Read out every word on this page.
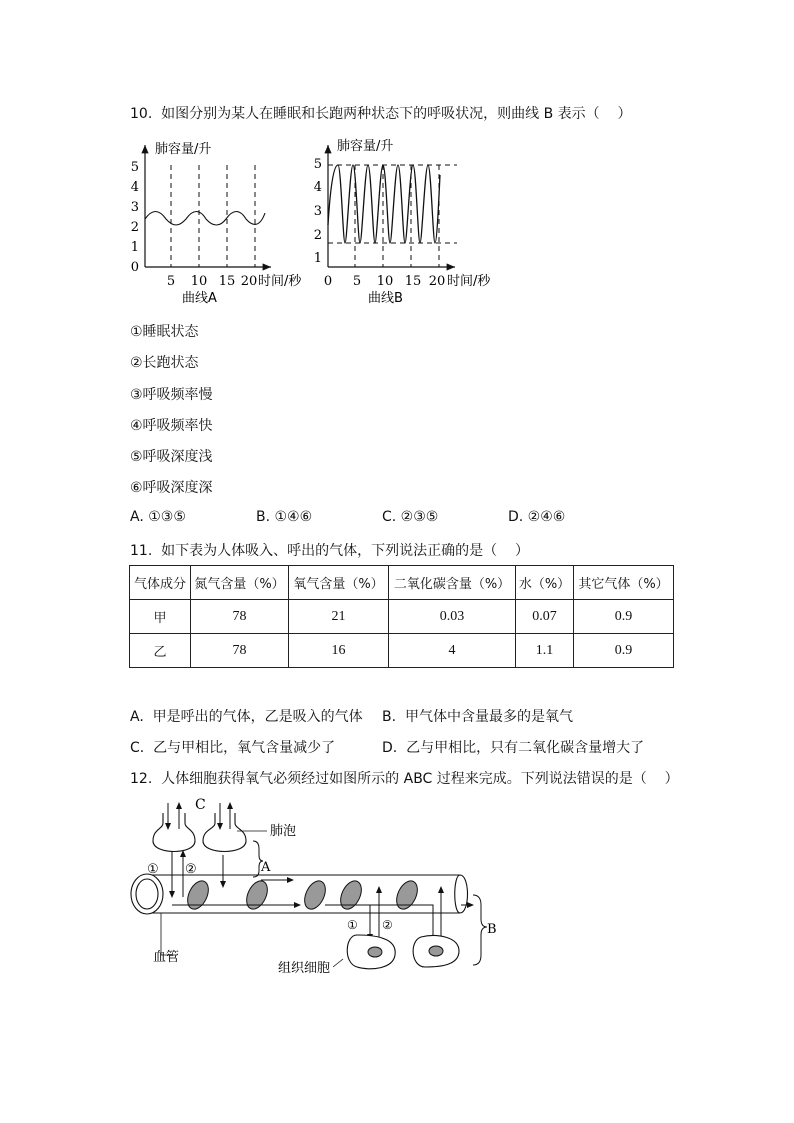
10.  如图分别为某人在睡眠和长跑两种状态下的呼吸状况，则曲线 B 表示（    ）
肺容量/升
0
1
2
3
4
5
5 10 15 20 时间/秒
曲线A
肺容量/升
1
2
3
4
5
0 5 10 15 20 时间/秒
曲线B
①睡眠状态
②长跑状态
③呼吸频率慢
④呼吸频率快
⑤呼吸深度浅
⑥呼吸深度深
A. ①③⑤	B. ①④⑥	C. ②③⑤	D. ②④⑥
11.  如下表为人体吸入、呼出的气体，下列说法正确的是（    ）
气体成分	氮气含量（%）	氧气含量（%）	二氧化碳含量（%）	水（%）	其它气体（%）
甲	78	21	0.03	0.07	0.9
乙	78	16	4	1.1	0.9
A.  甲是呼出的气体，乙是吸入的气体 B.  甲气体中含量最多的是氧气
C.  乙与甲相比，氧气含量减少了	D.  乙与甲相比，只有二氧化碳含量增大了
12.  人体细胞获得氧气必须经过如图所示的 ABC 过程来完成。下列说法错误的是（    ）
C
肺泡
A
血管
① ②
① ②
组织细胞
B
